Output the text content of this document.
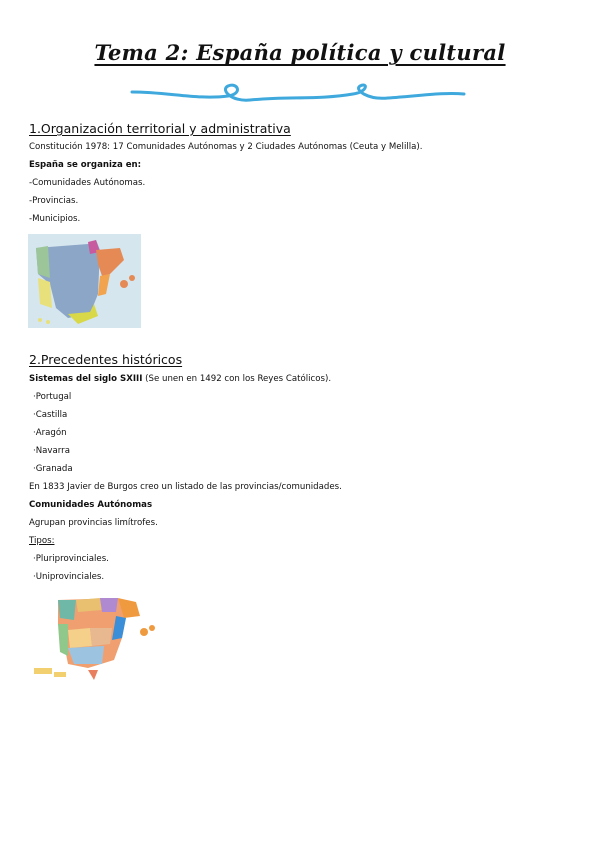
Tema 2: España política y cultural
1.Organización territorial y administrativa
Constitución 1978: 17 Comunidades Autónomas y 2 Ciudades Autónomas (Ceuta y Melilla).
España se organiza en:
-Comunidades Autónomas.
-Provincias.
-Municipios.
2.Precedentes históricos
Sistemas del siglo SXIII (Se unen en 1492 con los Reyes Católicos).
·Portugal
·Castilla
·Aragón
·Navarra
·Granada
En 1833 Javier de Burgos creo un listado de las provincias/comunidades.
Comunidades Autónomas
Agrupan provincias limítrofes.
Tipos:
·Pluriprovinciales.
·Uniprovinciales.
